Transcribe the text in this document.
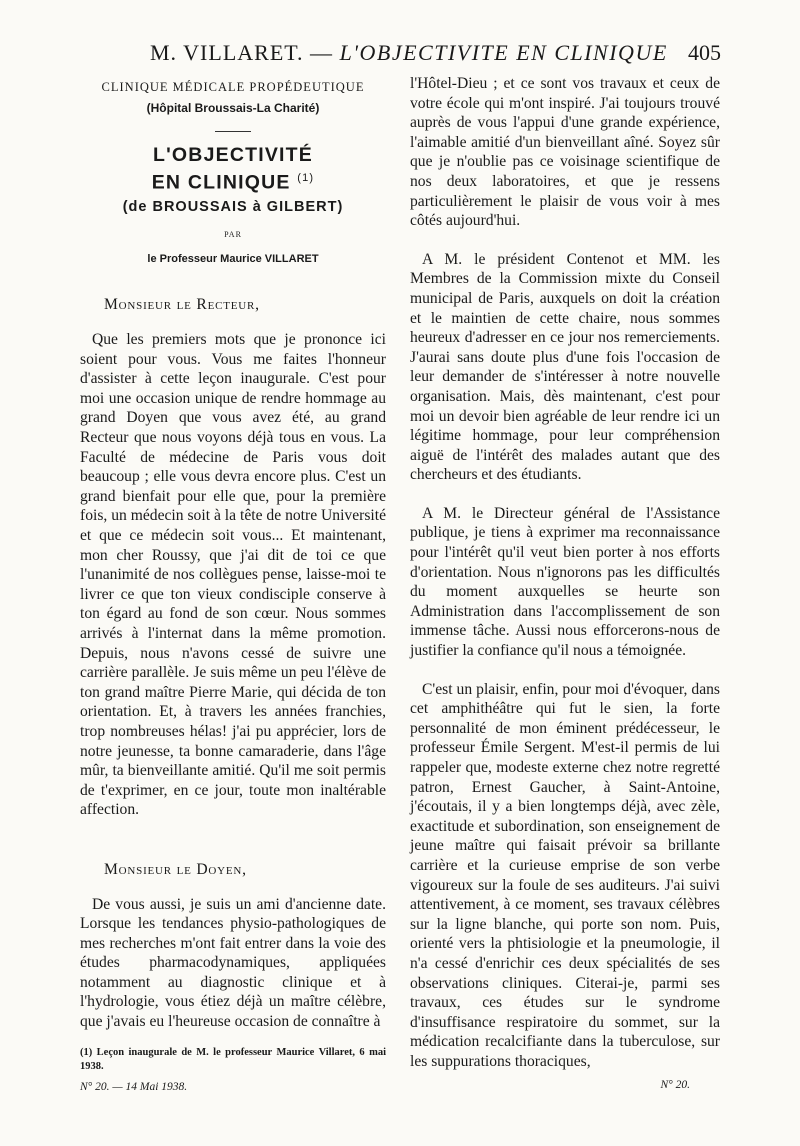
M. VILLARET. — L'OBJECTIVITE EN CLINIQUE 405
CLINIQUE MÉDICALE PROPÉDEUTIQUE
(Hôpital Broussais-La Charité)
L'OBJECTIVITÉ
EN CLINIQUE $^{(1)}$
(de BROUSSAIS à GILBERT)
PAR
le Professeur Maurice VILLARET

Monsieur le Recteur,

Que les premiers mots que je prononce ici soient pour vous. Vous me faites l'honneur d'assister à cette leçon inaugurale. C'est pour moi une occasion unique de rendre hommage au grand Doyen que vous avez été, au grand Recteur que nous voyons déjà tous en vous. La Faculté de médecine de Paris vous doit beaucoup ; elle vous devra encore plus. C'est un grand bienfait pour elle que, pour la première fois, un médecin soit à la tête de notre Université et que ce médecin soit vous... Et maintenant, mon cher Roussy, que j'ai dit de toi ce que l'unanimité de nos collègues pense, laisse-moi te livrer ce que ton vieux condisciple conserve à ton égard au fond de son cœur. Nous sommes arrivés à l'internat dans la même promotion. Depuis, nous n'avons cessé de suivre une carrière parallèle. Je suis même un peu l'élève de ton grand maître Pierre Marie, qui décida de ton orientation. Et, à travers les années franchies, trop nombreuses hélas! j'ai pu apprécier, lors de notre jeunesse, ta bonne camaraderie, dans l'âge mûr, ta bienveillante amitié. Qu'il me soit permis de t'exprimer, en ce jour, toute mon inaltérable affection.

Monsieur le Doyen,

De vous aussi, je suis un ami d'ancienne date. Lorsque les tendances physio-pathologiques de mes recherches m'ont fait entrer dans la voie des études pharmacodynamiques, appliquées notamment au diagnostic clinique et à l'hydrologie, vous étiez déjà un maître célèbre, que j'avais eu l'heureuse occasion de connaître à

(1) Leçon inaugurale de M. le professeur Maurice Villaret, 6 mai 1938.

N° 20. — 14 Mai 1938.

l'Hôtel-Dieu ; et ce sont vos travaux et ceux de votre école qui m'ont inspiré. J'ai toujours trouvé auprès de vous l'appui d'une grande expérience, l'aimable amitié d'un bienveillant aîné. Soyez sûr que je n'oublie pas ce voisinage scientifique de nos deux laboratoires, et que je ressens particulièrement le plaisir de vous voir à mes côtés aujourd'hui.

A M. le président Contenot et MM. les Membres de la Commission mixte du Conseil municipal de Paris, auxquels on doit la création et le maintien de cette chaire, nous sommes heureux d'adresser en ce jour nos remerciements. J'aurai sans doute plus d'une fois l'occasion de leur demander de s'intéresser à notre nouvelle organisation. Mais, dès maintenant, c'est pour moi un devoir bien agréable de leur rendre ici un légitime hommage, pour leur compréhension aiguë de l'intérêt des malades autant que des chercheurs et des étudiants.

A M. le Directeur général de l'Assistance publique, je tiens à exprimer ma reconnaissance pour l'intérêt qu'il veut bien porter à nos efforts d'orientation. Nous n'ignorons pas les difficultés du moment auxquelles se heurte son Administration dans l'accomplissement de son immense tâche. Aussi nous efforcerons-nous de justifier la confiance qu'il nous a témoignée.

C'est un plaisir, enfin, pour moi d'évoquer, dans cet amphithéâtre qui fut le sien, la forte personnalité de mon éminent prédécesseur, le professeur Émile Sergent. M'est-il permis de lui rappeler que, modeste externe chez notre regretté patron, Ernest Gaucher, à Saint-Antoine, j'écoutais, il y a bien longtemps déjà, avec zèle, exactitude et subordination, son enseignement de jeune maître qui faisait prévoir sa brillante carrière et la curieuse emprise de son verbe vigoureux sur la foule de ses auditeurs. J'ai suivi attentivement, à ce moment, ses travaux célèbres sur la ligne blanche, qui porte son nom. Puis, orienté vers la phtisiologie et la pneumologie, il n'a cessé d'enrichir ces deux spécialités de ses observations cliniques. Citerai-je, parmi ses travaux, ces études sur le syndrome d'insuffisance respiratoire du sommet, sur la médication recalcifiante dans la tuberculose, sur les suppurations thoraciques,

N° 20.
